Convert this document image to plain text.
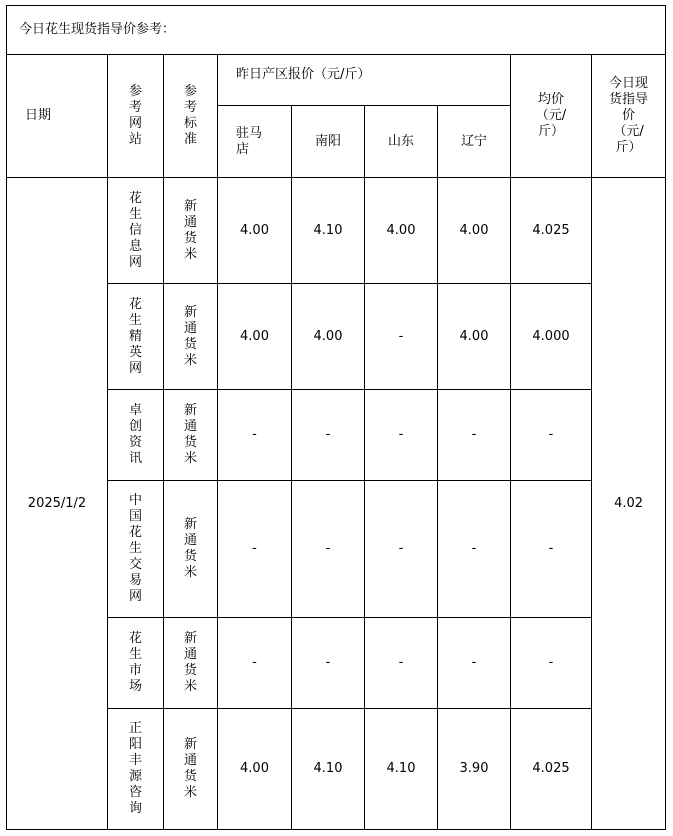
今日花生现货指导价参考：								
日期	参考网站	参考标准	昨日产区报价（元/斤）				均价（元/斤）	今日现货指导价（元/斤）
			驻马店	南阳	山东	辽宁		
2025/1/2	花生信息网	新通货米	4.00	4.10	4.00	4.00	4.025	4.02
	花生精英网	新通货米	4.00	4.00	-	4.00	4.000	
	卓创资讯	新通货米	-	-	-	-	-	
	中国花生交易网	新通货米	-	-	-	-	-	
	花生市场	新通货米	-	-	-	-	-	
	正阳丰源咨询	新通货米	4.00	4.10	4.10	3.90	4.025	
